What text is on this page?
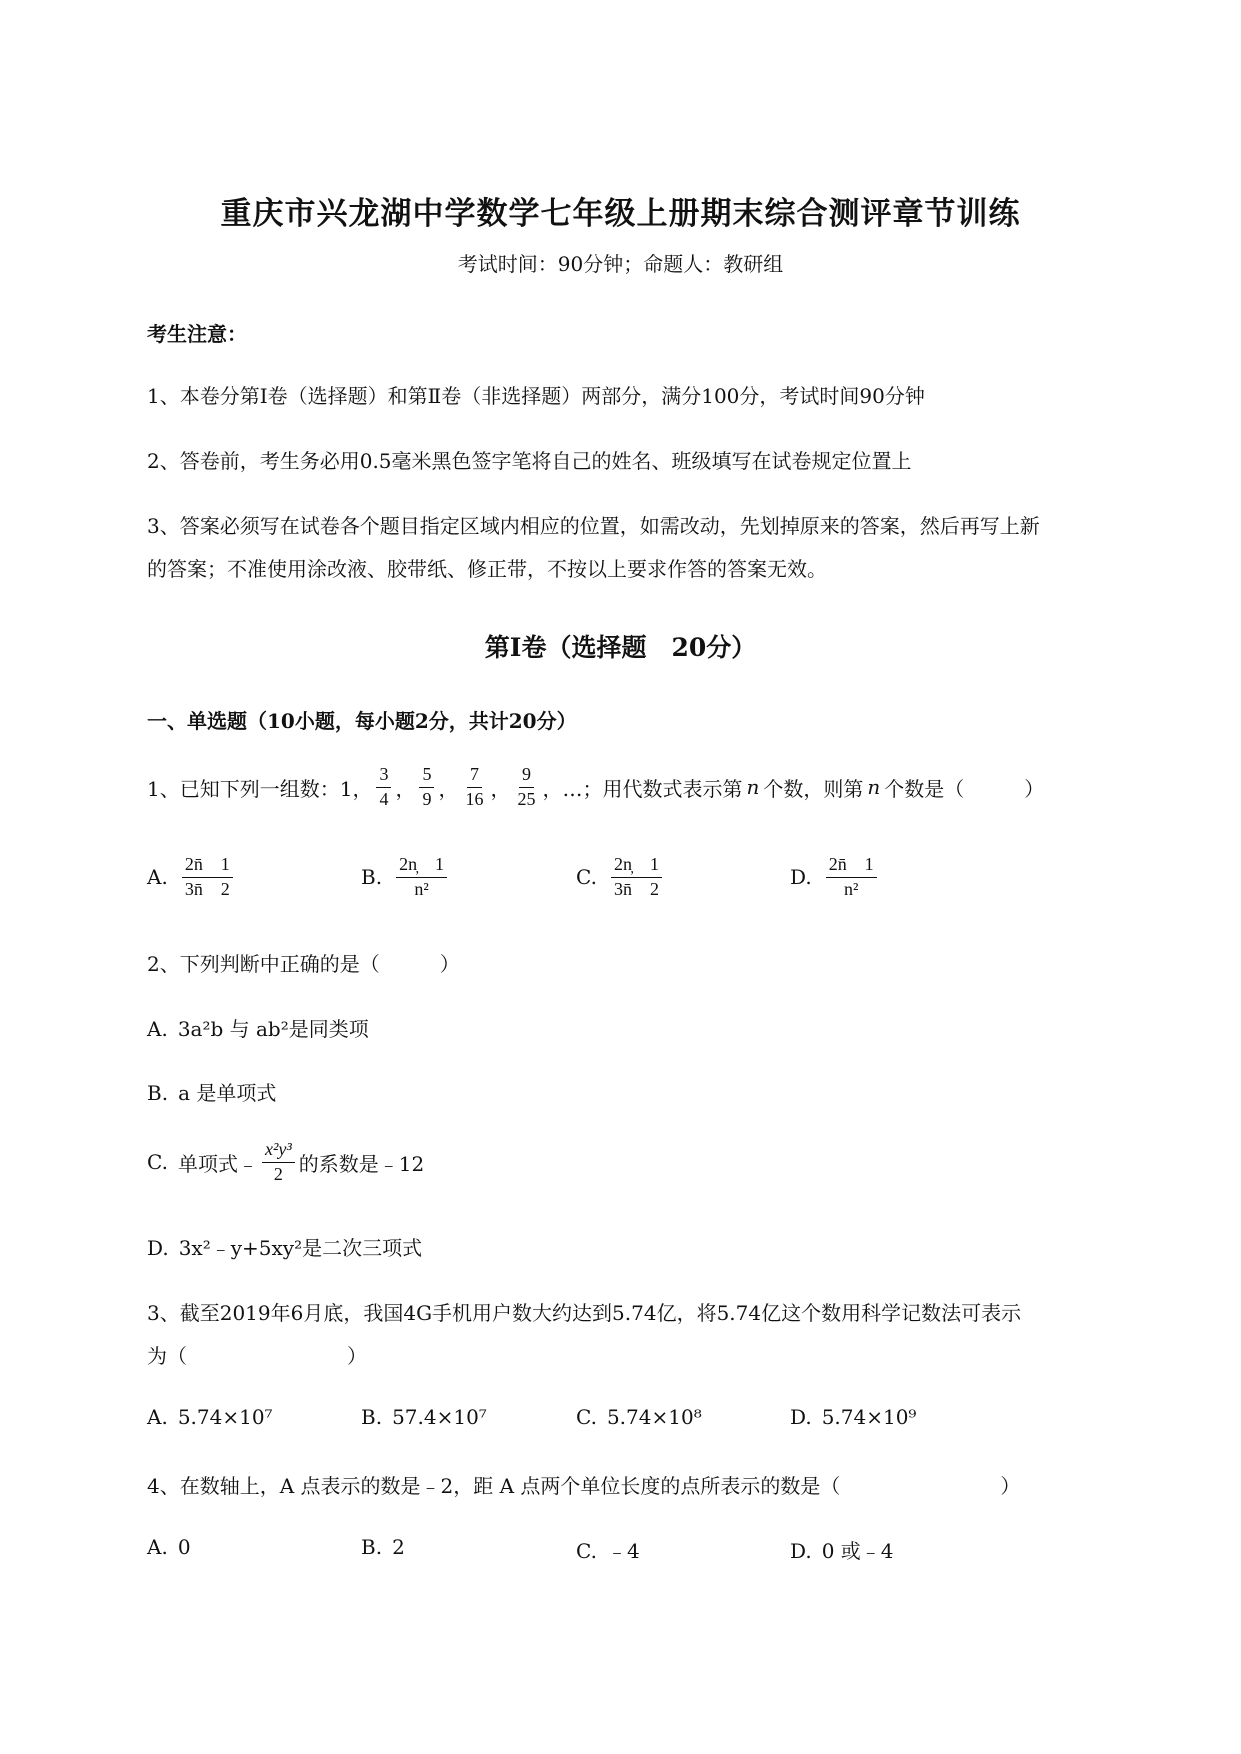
重庆市兴龙湖中学数学七年级上册期末综合测评章节训练
考试时间：90分钟；命题人：教研组
考生注意：
1、本卷分第Ⅰ卷（选择题）和第Ⅱ卷（非选择题）两部分，满分100分，考试时间90分钟
2、答卷前，考生务必用0.5毫米黑色签字笔将自己的姓名、班级填写在试卷规定位置上
3、答案必须写在试卷各个题目指定区域内相应的位置，如需改动，先划掉原来的答案，然后再写上新
的答案；不准使用涂改液、胶带纸、修正带，不按以上要求作答的答案无效。
第Ⅰ卷（选择题　20分）
一、单选题（10小题，每小题2分，共计20分）
1、已知下列一组数：1， $\frac{3}{4}$ ， $\frac{5}{9}$ ， $\frac{7}{16}$ ， $\frac{9}{25}$ ，…；用代数式表示第 n 个数，则第 n 个数是（　　　）
A. $\frac{2n̄ 1}{3n̄ 2}$	B. $\frac{2n̦ 1}{\text{n²}}$	C. $\frac{2n̦ 1}{3n̄ 2}$	D. $\frac{2n̄ 1}{\text{n²}}$
2、下列判断中正确的是（　　　）
A. 3a²b 与 ab²是同类项
B. a 是单项式
C. 单项式﹣ $\frac{\text{x²y³}}{2}$ 的系数是﹣12
D. 3x²﹣y+5xy²是二次三项式
3、截至2019年6月底，我国4G手机用户数大约达到5.74亿，将5.74亿这个数用科学记数法可表示
为（　　　　　　　　）
A. 5.74×10⁷	B. 57.4×10⁷	C. 5.74×10⁸	D. 5.74×10⁹
4、在数轴上，A 点表示的数是﹣2，距 A 点两个单位长度的点所表示的数是（　　　　　　　　）
A. 0	B. 2	C. ﹣4	D. 0 或﹣4
